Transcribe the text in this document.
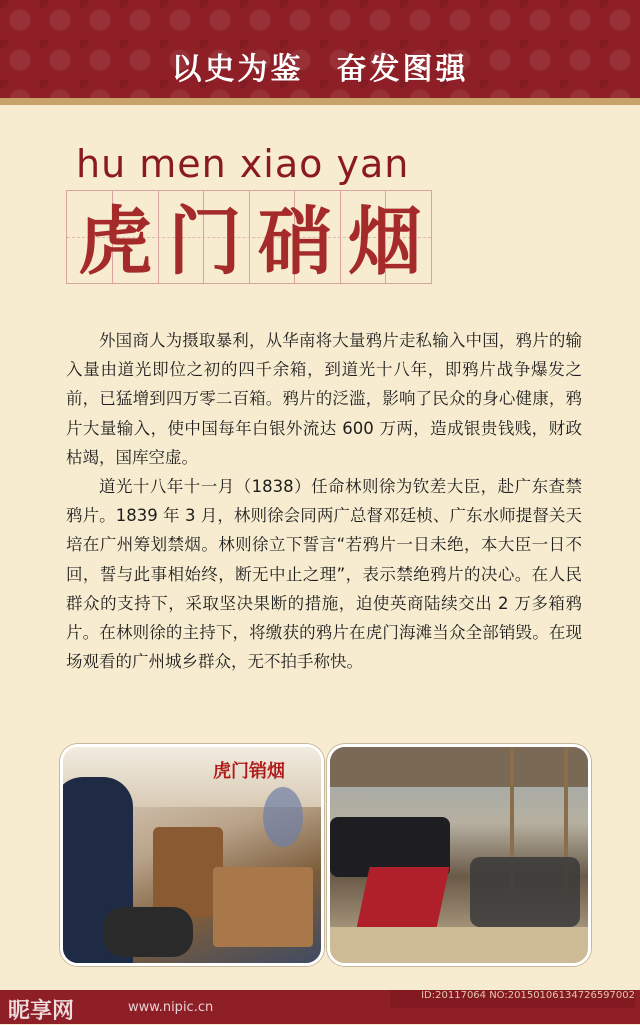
以史为鉴　奋发图强
hu men xiao yan
虎 门 硝 烟

外国商人为摄取暴利，从华南将大量鸦片走私输入中国，鸦片的输入量由道光即位之初的四千余箱，到道光十八年，即鸦片战争爆发之前，已猛增到四万零二百箱。鸦片的泛滥，影响了民众的身心健康，鸦片大量输入，使中国每年白银外流达 600 万两，造成银贵钱贱，财政枯竭，国库空虚。

道光十八年十一月（1838）任命林则徐为钦差大臣，赴广东查禁鸦片。1839 年 3 月，林则徐会同两广总督邓廷桢、广东水师提督关天培在广州筹划禁烟。林则徐立下誓言“若鸦片一日未绝，本大臣一日不回，誓与此事相始终，断无中止之理”，表示禁绝鸦片的决心。在人民群众的支持下，采取坚决果断的措施，迫使英商陆续交出 2 万多箱鸦片。在林则徐的主持下，将缴获的鸦片在虎门海滩当众全部销毁。在现场观看的广州城乡群众，无不拍手称快。

虎门销烟
昵享网	www.nipic.cn
ID:20117064 NO:20150106134726597002
